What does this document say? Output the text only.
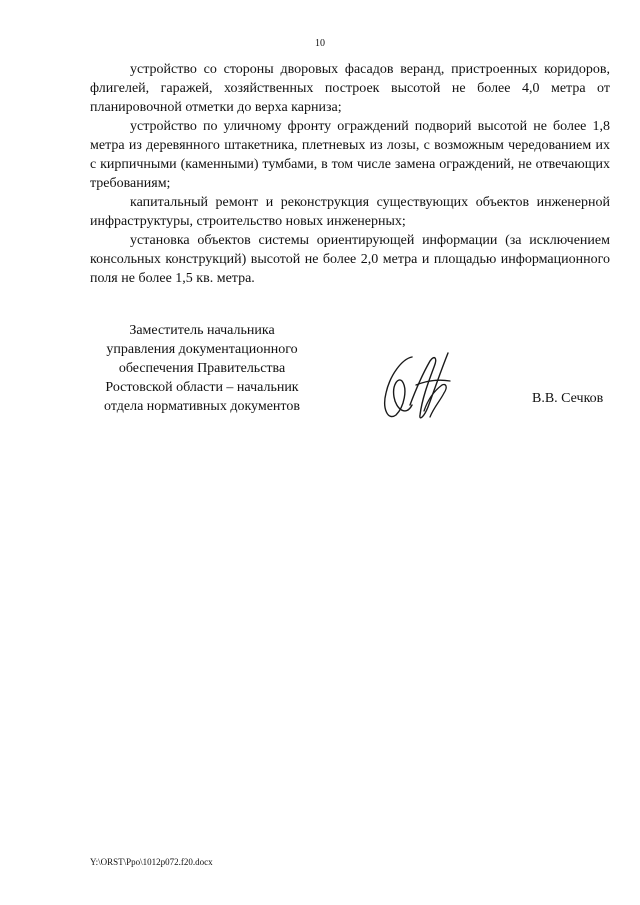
10

устройство со стороны дворовых фасадов веранд, пристроенных коридоров, флигелей, гаражей, хозяйственных построек высотой не более 4,0 метра от планировочной отметки до верха карниза;

устройство по уличному фронту ограждений подворий высотой не более 1,8 метра из деревянного штакетника, плетневых из лозы, с возможным чередованием их с кирпичными (каменными) тумбами, в том числе замена ограждений, не отвечающих требованиям;

капитальный ремонт и реконструкция существующих объектов инженерной инфраструктуры, строительство новых инженерных;

установка объектов системы ориентирующей информации (за исключением консольных конструкций) высотой не более 2,0 метра и площадью информационного поля не более 1,5 кв. метра.

Заместитель начальника
управления документационного
обеспечения Правительства
Ростовской области – начальник
отдела нормативных документов
В.В. Сечков
Y:\ORST\Ppo\1012p072.f20.docx
